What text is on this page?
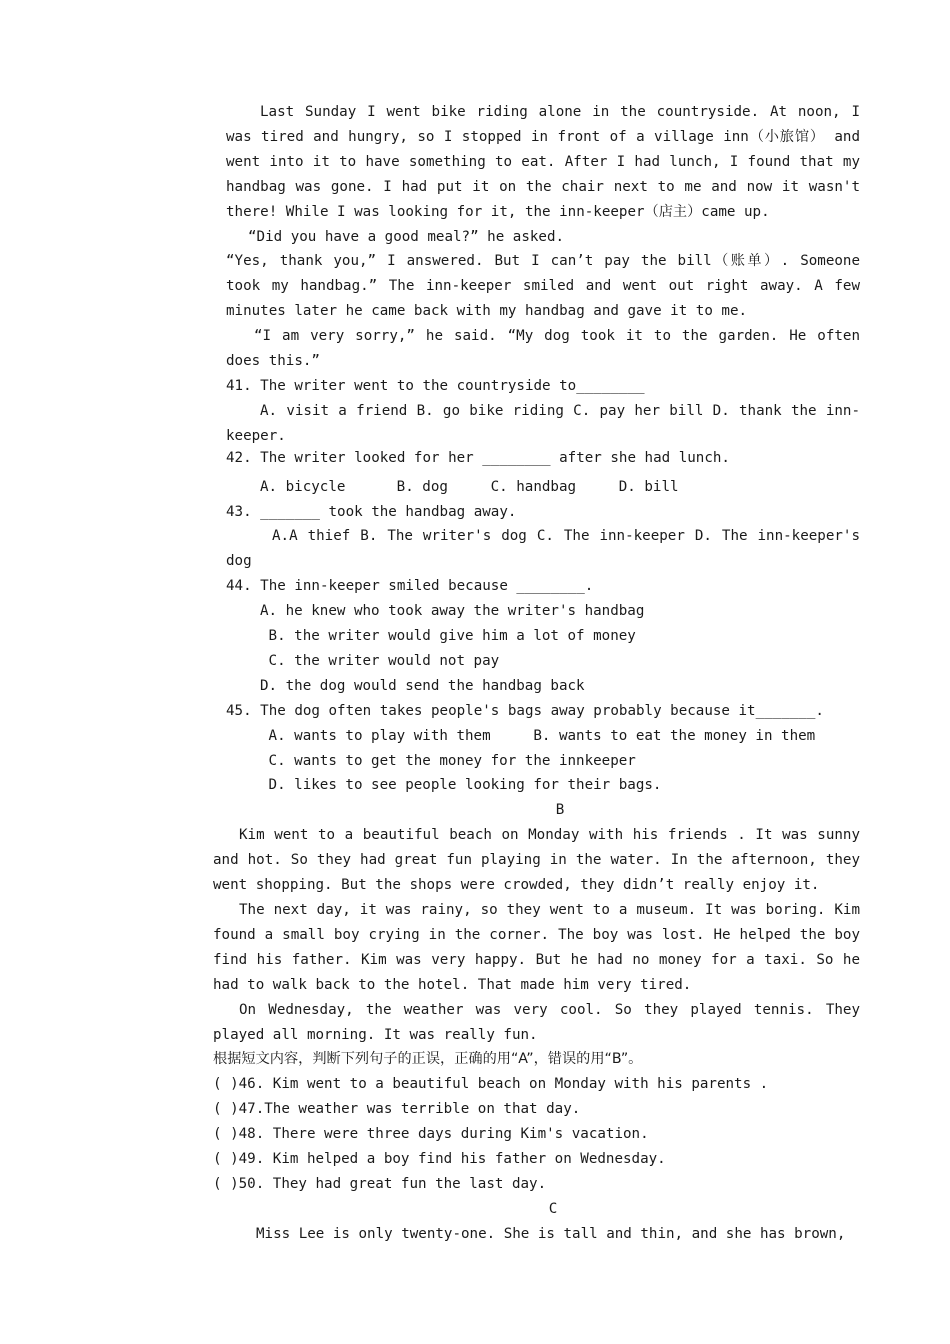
Last Sunday I went bike riding alone in the countryside. At noon, I was tired and hungry, so I stopped in front of a village inn（小旅馆） and went into it to have something to eat. After I had lunch, I found that my handbag was gone. I had put it on the chair next to me and now it wasn't there! While I was looking for it, the inn-keeper（店主）came up.

“Did you have a good meal?” he asked.

“Yes, thank you,” I answered. But I can’t pay the bill（账单）. Someone took my handbag.” The inn-keeper smiled and went out right away. A few minutes later he came back with my handbag and gave it to me.

“I am very sorry,” he said. “My dog took it to the garden. He often does this.”

41. The writer went to the countryside to________

A. visit a friend B. go bike riding C. pay her bill D. thank the inn-keeper.

42. The writer looked for her ________ after she had lunch.

A. bicycle      B. dog     C. handbag     D. bill

43. _______ took the handbag away.

A.A thief B. The writer's dog C. The inn-keeper D. The inn-keeper's dog

44. The inn-keeper smiled because ________.

A. he knew who took away the writer's handbag

B. the writer would give him a lot of money

C. the writer would not pay

D. the dog would send the handbag back

45. The dog often takes people's bags away probably because it_______.

A. wants to play with them     B. wants to eat the money in them

C. wants to get the money for the innkeeper

D. likes to see people looking for their bags.

B

Kim went to a beautiful beach on Monday with his friends . It was sunny and hot. So they had great fun playing in the water. In the afternoon, they went shopping. But the shops were crowded, they didn’t really enjoy it.

The next day, it was rainy, so they went to a museum. It was boring. Kim found a small boy crying in the corner. The boy was lost. He helped the boy find his father. Kim was very happy. But he had no money for a taxi. So he had to walk back to the hotel. That made him very tired.

On Wednesday, the weather was very cool. So they played tennis. They played all morning. It was really fun.

根据短文内容，判断下列句子的正误，正确的用“A”，错误的用“B”。

( )46. Kim went to a beautiful beach on Monday with his parents .

( )47.The weather was terrible on that day.

( )48. There were three days during Kim's vacation.

( )49. Kim helped a boy find his father on Wednesday.

( )50. They had great fun the last day.

C

Miss Lee is only twenty-one. She is tall and thin, and she has brown,
